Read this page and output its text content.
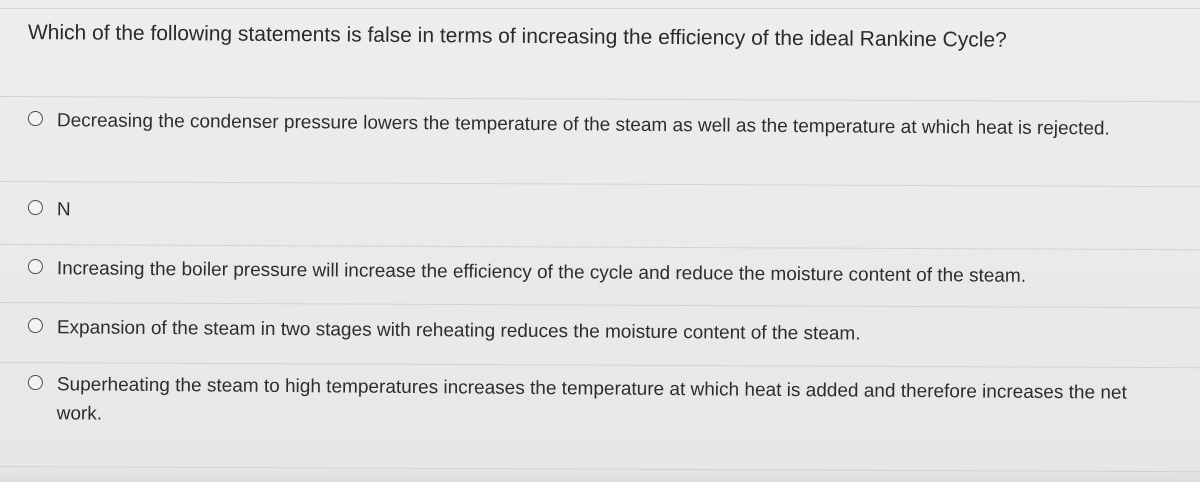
Which of the following statements is false in terms of increasing the efficiency of the ideal Rankine Cycle?
Decreasing the condenser pressure lowers the temperature of the steam as well as the temperature at which heat is rejected.
N
Increasing the boiler pressure will increase the efficiency of the cycle and reduce the moisture content of the steam.
Expansion of the steam in two stages with reheating reduces the moisture content of the steam.
Superheating the steam to high temperatures increases the temperature at which heat is added and therefore increases the net work.
